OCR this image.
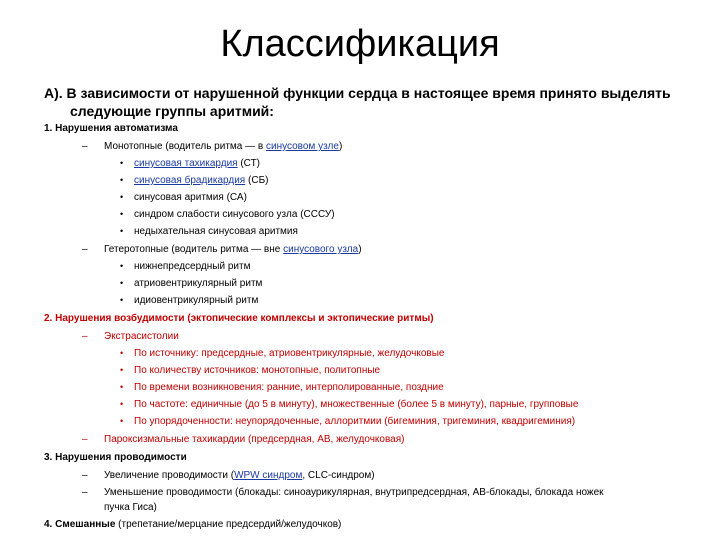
Классификация
А). В зависимости от нарушенной функции сердца в настоящее время принято выделять
следующие группы аритмий:
1. Нарушения автоматизма
– Монотопные (водитель ритма — в синусовом узле)
• синусовая тахикардия (СТ)
• синусовая брадикардия (СБ)
• синусовая аритмия (СА)
• синдром слабости синусового узла (СССУ)
• недыхательная синусовая аритмия
– Гетеротопные (водитель ритма — вне синусового узла)
• нижнепредсердный ритм
• атриовентрикулярный ритм
• идиовентрикулярный ритм
2. Нарушения возбудимости (эктопические комплексы и эктопические ритмы)
– Экстрасистолии
• По источнику: предсердные, атриовентрикулярные, желудочковые
• По количеству источников: монотопные, политопные
• По времени возникновения: ранние, интерполированные, поздние
• По частоте: единичные (до 5 в минуту), множественные (более 5 в минуту), парные, групповые
• По упорядоченности: неупорядоченные, аллоритмии (бигеминия, тригеминия, квадригеминия)
– Пароксизмальные тахикардии (предсердная, АВ, желудочковая)
3. Нарушения проводимости
– Увеличение проводимости (WPW синдром, CLC-синдром)
– Уменьшение проводимости (блокады: синоаурикулярная, внутрипредсердная, АВ-блокады, блокада ножек
пучка Гиса)
4. Смешанные (трепетание/мерцание предсердий/желудочков)
